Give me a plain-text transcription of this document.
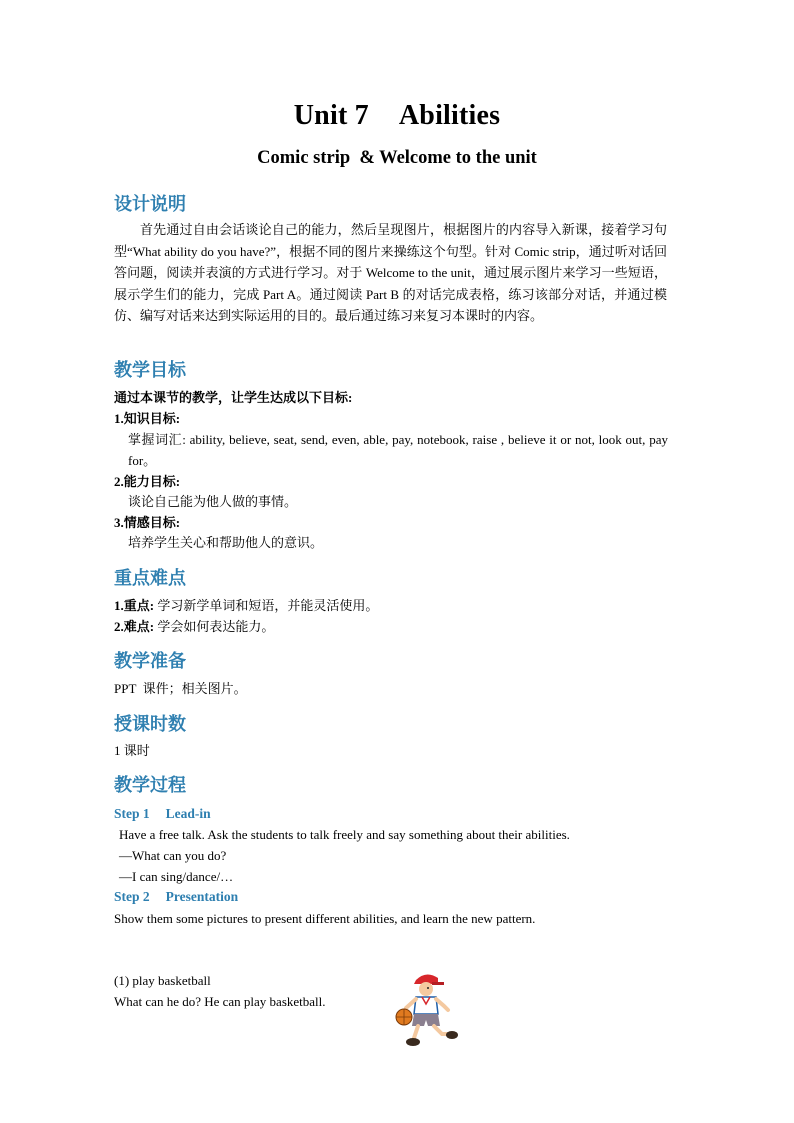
Unit 7 Abilities
Comic strip  & Welcome to the unit
设计说明
首先通过自由会话谈论自己的能力，然后呈现图片，根据图片的内容导入新课，接着学习句型“What ability do you have?”，根据不同的图片来操练这个句型。针对 Comic strip，通过听对话回答问题，阅读并表演的方式进行学习。对于 Welcome to the unit，通过展示图片来学习一些短语，展示学生们的能力，完成 Part A。通过阅读 Part B 的对话完成表格，练习该部分对话，并通过模仿、编写对话来达到实际运用的目的。最后通过练习来复习本课时的内容。
教学目标
通过本课节的教学，让学生达成以下目标:
1.知识目标:
掌握词汇: ability, believe, seat, send, even, able, pay, notebook, raise , believe it or not, look out, pay for。
2.能力目标:
谈论自己能为他人做的事情。
3.情感目标:
培养学生关心和帮助他人的意识。
重点难点
1.重点: 学习新学单词和短语，并能灵活使用。
2.难点: 学会如何表达能力。
教学准备
PPT  课件；相关图片。
授课时数
1 课时
教学过程
Step 1 Lead-in
Have a free talk. Ask the students to talk freely and say something about their abilities.
—What can you do?
—I can sing/dance/…
Step 2 Presentation
Show them some pictures to present different abilities, and learn the new pattern.
(1) play basketball
What can he do? He can play basketball.
